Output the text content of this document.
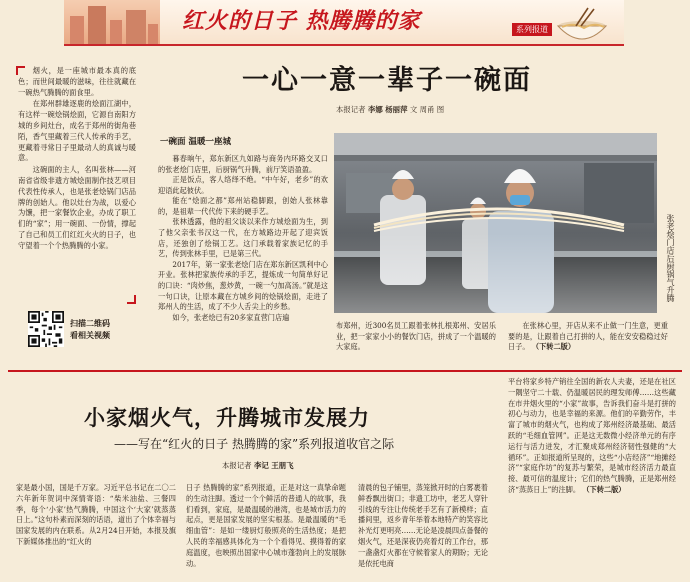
红火的日子 热腾腾的家	系列报道

烟火，是一座城市最本真的底色；而世间最暖的滋味，往往就藏在一碗热气腾腾的面食里。

在郑州群雄逐鹿的烩面江湖中，有这样一碗烩锅烩面，它源自南阳方城的乡间灶台，成名于郑州的街角巷陌，香气里藏着三代人传承的手艺，更藏着寻常日子里最动人的真诚与暖意。

这碗面的主人，名叫张林——河南省省级非遗方城烩面制作技艺项目代表性传承人，也是张老烩锅门店品牌的创始人。他以灶台为战，以爱心为馕，把一家餐饮企业，办成了职工们的“家”；用一碗面、一份情，撑起了自己和员工们红红火火的日子，也守望着一个个热腾腾的小家。

扫描二维码
看相关视频
一心一意一辈子一碗面
本报记者 李娜 杨丽萍 文 周甬 图
一碗面 温暖一座城

暮春晌午，郑东新区九如路与商务内环路交叉口的张老烩门店里，后厨锅气升腾，前厅笑语盈盈。

正是饭点，客人络绎不绝。“中午好，老乡”的欢迎语此起彼伏。

能在“烩面之都”郑州站稳脚跟，创始人张林靠的，是祖辈一代代传下来的硬手艺。

张林透露，他的祖父谈以来作方城烩面为生，到了他父亲张书汉这一代，在方城路边开起了迎宾饭店，还独创了烩锅工艺。这门承载着家族记忆的手艺，传到张林手里，已是第三代。

2017年，第一家张老烩门店在郑东新区凯利中心开业。张林把家族传承的手艺，提炼成一句简单好记的口诀：“肉炒焦，葱炒黄，一碗一勺加高汤。”就是这一句口诀，让原本藏在方城乡间的烩锅烩面，走进了郑州人的生活，成了不少人舌尖上的乡愁。

如今，张老烩已有20多家直营门店遍

张老烩门店后厨锅气升腾
布郑州，近300名员工跟着张林扎根郑州、安居乐业，把一家家小小的餐饮门店，拼成了一个温暖的大家庭。
在张林心里，开店从来不止做一门生意，更重要的是，让跟着自己打拼的人，能在安安稳稳过好日子。 （下转二版）
小家烟火气，升腾城市发展力
——写在“红火的日子 热腾腾的家”系列报道收官之际
本报记者 李记 王朋飞
家是最小国，国是千万家。习近平总书记在二〇二六年新年贺词中深情寄语：“柴米油盐、三餐四季，每个‘小家’热气腾腾，中国这个‘大家’就蒸蒸日上。”这句朴素而深刻的话语，道出了个体幸福与国家发展的内在联系。从2月24日开始，本报及旗下新媒体推出的“红火的
日子 热腾腾的家”系列报道，正是对这一真挚命题的生动注脚。透过一个个鲜活的普通人的故事，我们看到，家庭，是最温暖的港湾，也是城市活力的起点，更是国家发展的坚实根基。是最温暖的“毛细血管”：是如一缕厨灯般照亮的生活热度；是把人民的幸福感具体化为一个个看得见、摸得着的家庭温度，也映照出国家中心城市蓬勃向上的发展脉动。
清晨的包子铺里，蒸笼掀开时的白雾裹着鲜香飘出街口；非遗工坊中，老艺人穿针引线的专注让传统老手艺有了新模样；直播间里，返乡青年举着本地特产的笑容比补光灯更明亮……无论是凌晨四点备餐的烟火气，还是深夜仍亮着灯的工作台，那一盏盏灯火都在守候着家人的期盼；无论是依托电商
平台将家乡特产销往全国的新农人夫妻，还是在社区一隅坚守二十载、仍温暖居民的理发师傅……这些藏在市井烟火里的“小家”故事，告诉我们奋斗是打拼的初心与动力，也是幸福的来源。他们的辛勤劳作，丰富了城市的烟火气，也构成了郑州经济最基础、最活跃的“毛细血管网”。正是这无数微小经济单元的有序运行与活力迸发，才汇聚成郑州经济韧性强健的“大循环”。正如报道所呈现的，这些“小店经济”“地摊经济”“家庭作坊”的复苏与繁荣，是城市经济活力最直接、最可信的温度计；它们的热气腾腾，正是郑州经济“蒸蒸日上”的注脚。 （下转二版）
